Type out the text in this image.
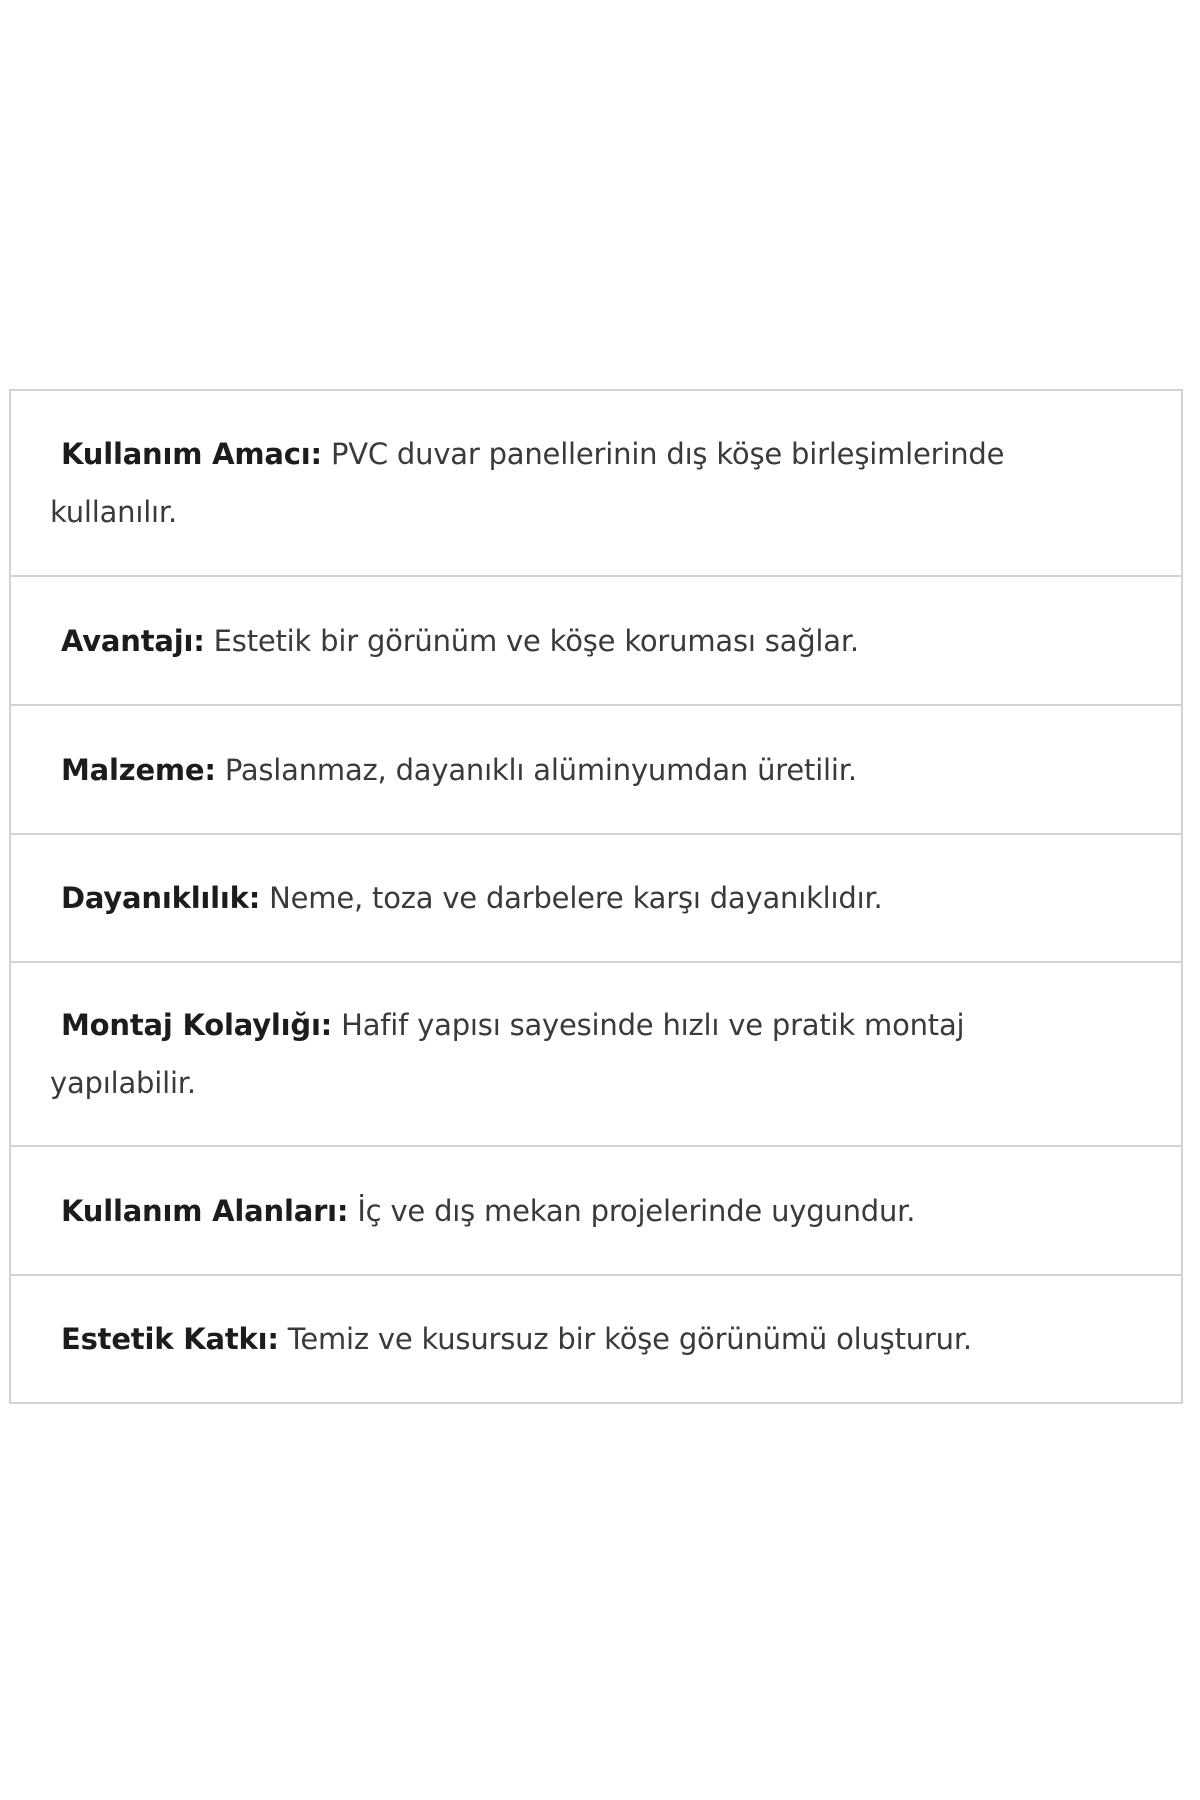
Kullanım Amacı: PVC duvar panellerinin dış köşe birleşimlerinde
kullanılır.
Avantajı: Estetik bir görünüm ve köşe koruması sağlar.
Malzeme: Paslanmaz, dayanıklı alüminyumdan üretilir.
Dayanıklılık: Neme, toza ve darbelere karşı dayanıklıdır.
Montaj Kolaylığı: Hafif yapısı sayesinde hızlı ve pratik montaj
yapılabilir.
Kullanım Alanları: İç ve dış mekan projelerinde uygundur.
Estetik Katkı: Temiz ve kusursuz bir köşe görünümü oluşturur.
